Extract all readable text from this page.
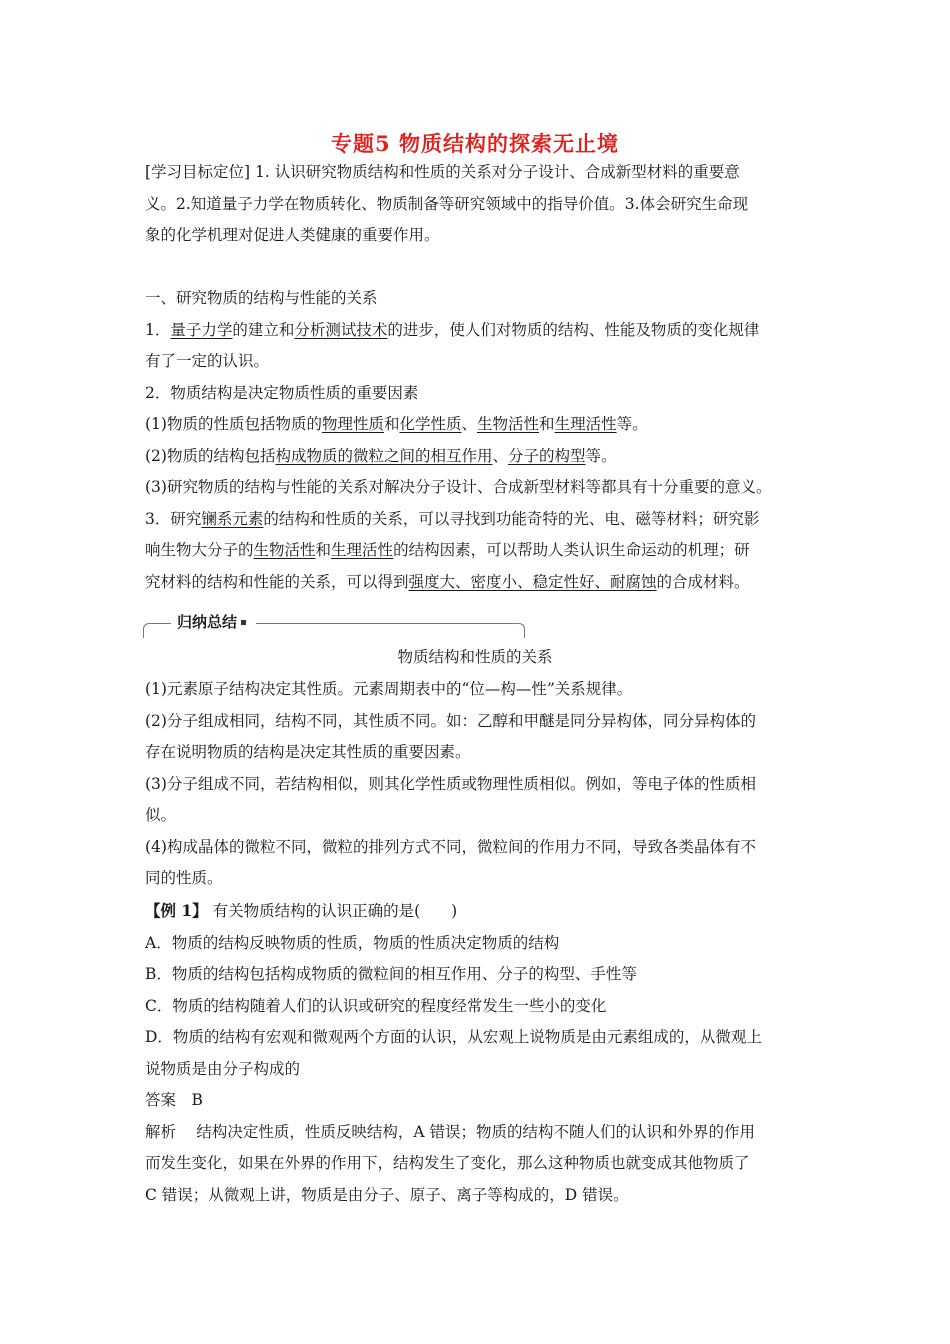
专题5 物质结构的探索无止境
[学习目标定位] 1. 认识研究物质结构和性质的关系对分子设计、合成新型材料的重要意
义。2.知道量子力学在物质转化、物质制备等研究领域中的指导价值。3.体会研究生命现
象的化学机理对促进人类健康的重要作用。
一、研究物质的结构与性能的关系
1．量子力学的建立和分析测试技术的进步，使人们对物质的结构、性能及物质的变化规律
有了一定的认识。
2．物质结构是决定物质性质的重要因素
(1)物质的性质包括物质的物理性质和化学性质、生物活性和生理活性等。
(2)物质的结构包括构成物质的微粒之间的相互作用、分子的构型等。
(3)研究物质的结构与性能的关系对解决分子设计、合成新型材料等都具有十分重要的意义。
3．研究镧系元素的结构和性质的关系，可以寻找到功能奇特的光、电、磁等材料；研究影
响生物大分子的生物活性和生理活性的结构因素，可以帮助人类认识生命运动的机理；研
究材料的结构和性能的关系，可以得到强度大、密度小、稳定性好、耐腐蚀的合成材料。
归纳总结
物质结构和性质的关系
(1)元素原子结构决定其性质。元素周期表中的“位—构—性”关系规律。
(2)分子组成相同，结构不同，其性质不同。如：乙醇和甲醚是同分异构体，同分异构体的
存在说明物质的结构是决定其性质的重要因素。
(3)分子组成不同，若结构相似，则其化学性质或物理性质相似。例如，等电子体的性质相
似。
(4)构成晶体的微粒不同，微粒的排列方式不同，微粒间的作用力不同，导致各类晶体有不
同的性质。
【例 1】 有关物质结构的认识正确的是(　　)
A．物质的结构反映物质的性质，物质的性质决定物质的结构
B．物质的结构包括构成物质的微粒间的相互作用、分子的构型、手性等
C．物质的结构随着人们的认识或研究的程度经常发生一些小的变化
D．物质的结构有宏观和微观两个方面的认识，从宏观上说物质是由元素组成的，从微观上
说物质是由分子构成的
答案　B
解析　 结构决定性质，性质反映结构，A 错误；物质的结构不随人们的认识和外界的作用
而发生变化，如果在外界的作用下，结构发生了变化，那么这种物质也就变成其他物质了
C 错误；从微观上讲，物质是由分子、原子、离子等构成的，D 错误。
